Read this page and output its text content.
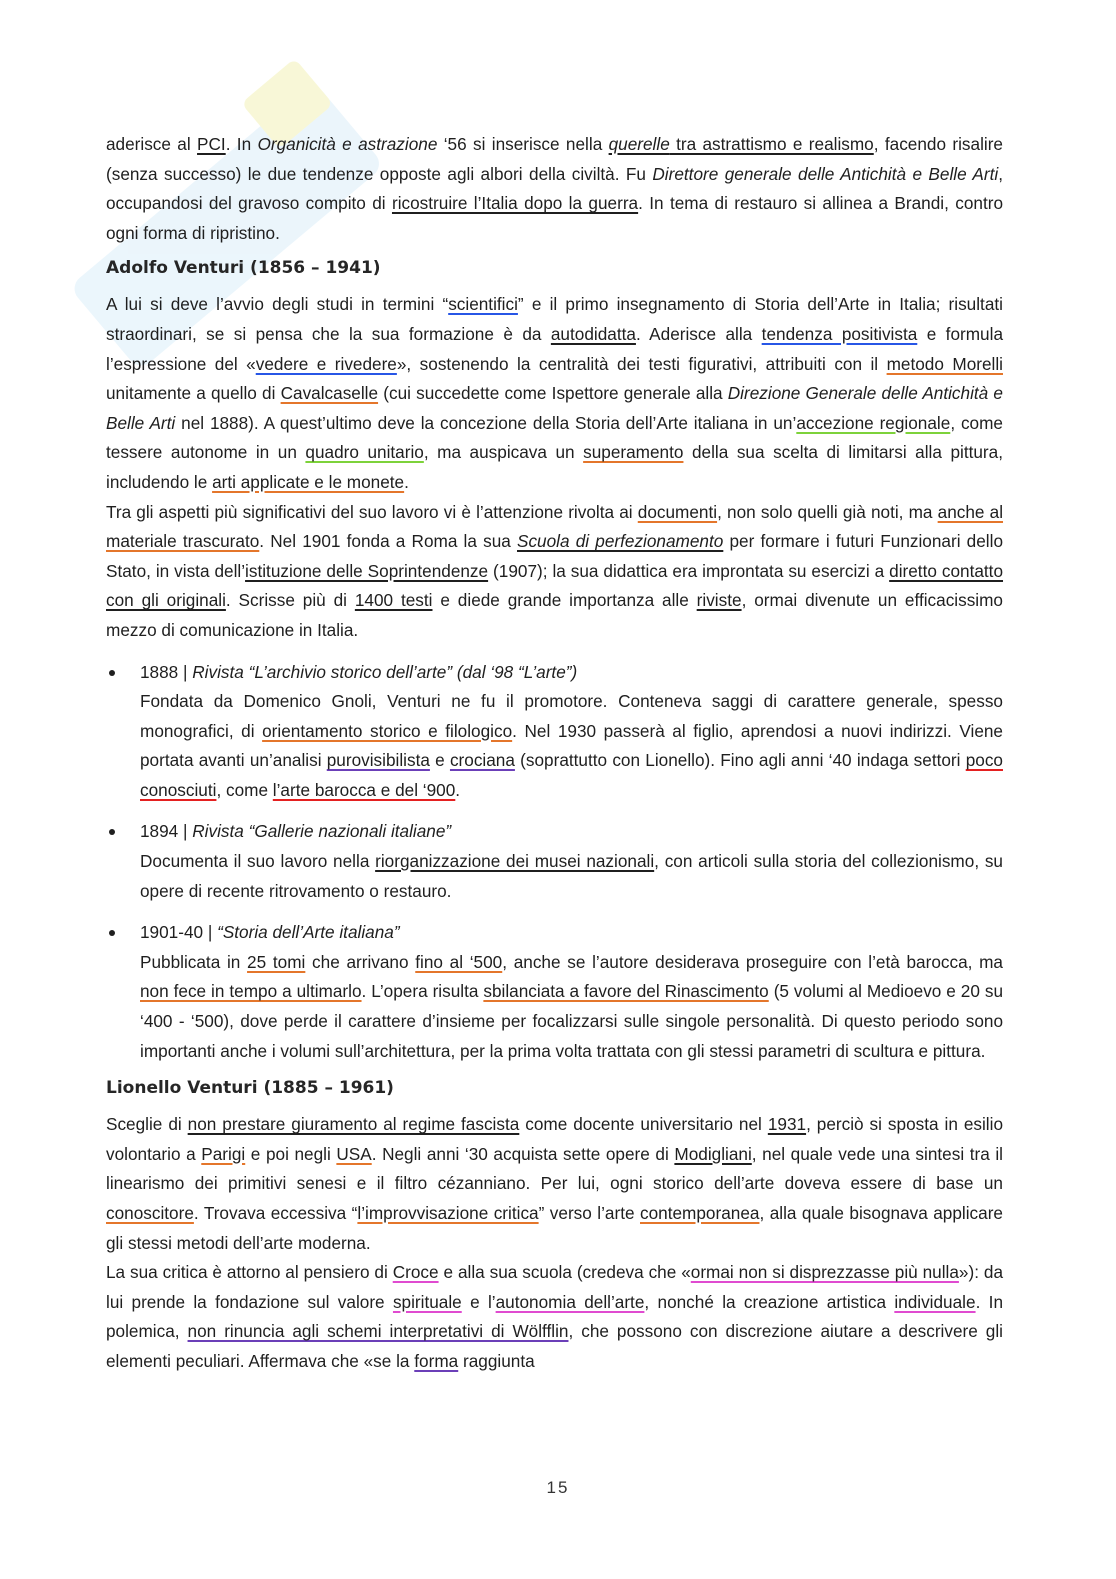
aderisce al PCI. In Organicità e astrazione ‘56 si inserisce nella querelle tra astrattismo e realismo, facendo risalire (senza successo) le due tendenze opposte agli albori della civiltà. Fu Direttore generale delle Antichità e Belle Arti, occupandosi del gravoso compito di ricostruire l’Italia dopo la guerra. In tema di restauro si allinea a Brandi, contro ogni forma di ripristino.

Adolfo Venturi (1856 – 1941)

A lui si deve l’avvio degli studi in termini “scientifici” e il primo insegnamento di Storia dell’Arte in Italia; risultati straordinari, se si pensa che la sua formazione è da autodidatta. Aderisce alla tendenza positivista e formula l’espressione del «vedere e rivedere», sostenendo la centralità dei testi figurativi, attribuiti con il metodo Morelli unitamente a quello di Cavalcaselle (cui succedette come Ispettore generale alla Direzione Generale delle Antichità e Belle Arti nel 1888). A quest’ultimo deve la concezione della Storia dell’Arte italiana in un’accezione regionale, come tessere autonome in un quadro unitario, ma auspicava un superamento della sua scelta di limitarsi alla pittura, includendo le arti applicate e le monete.

Tra gli aspetti più significativi del suo lavoro vi è l’attenzione rivolta ai documenti, non solo quelli già noti, ma anche al materiale trascurato. Nel 1901 fonda a Roma la sua Scuola di perfezionamento per formare i futuri Funzionari dello Stato, in vista dell’istituzione delle Soprintendenze (1907); la sua didattica era improntata su esercizi a diretto contatto con gli originali. Scrisse più di 1400 testi e diede grande importanza alle riviste, ormai divenute un efficacissimo mezzo di comunicazione in Italia.

1888 | Rivista “L’archivio storico dell’arte” (dal ‘98 “L’arte”)
Fondata da Domenico Gnoli, Venturi ne fu il promotore. Conteneva saggi di carattere generale, spesso monografici, di orientamento storico e filologico. Nel 1930 passerà al figlio, aprendosi a nuovi indirizzi. Viene portata avanti un’analisi purovisibilista e crociana (soprattutto con Lionello). Fino agli anni ‘40 indaga settori poco conosciuti, come l’arte barocca e del ‘900.
1894 | Rivista “Gallerie nazionali italiane”
Documenta il suo lavoro nella riorganizzazione dei musei nazionali, con articoli sulla storia del collezionismo, su opere di recente ritrovamento o restauro.
1901-40 | “Storia dell’Arte italiana”
Pubblicata in 25 tomi che arrivano fino al ‘500, anche se l’autore desiderava proseguire con l’età barocca, ma non fece in tempo a ultimarlo. L’opera risulta sbilanciata a favore del Rinascimento (5 volumi al Medioevo e 20 su ‘400 - ‘500), dove perde il carattere d’insieme per focalizzarsi sulle singole personalità. Di questo periodo sono importanti anche i volumi sull’architettura, per la prima volta trattata con gli stessi parametri di scultura e pittura.
Lionello Venturi (1885 – 1961)

Sceglie di non prestare giuramento al regime fascista come docente universitario nel 1931, perciò si sposta in esilio volontario a Parigi e poi negli USA. Negli anni ‘30 acquista sette opere di Modigliani, nel quale vede una sintesi tra il linearismo dei primitivi senesi e il filtro cézanniano. Per lui, ogni storico dell’arte doveva essere di base un conoscitore. Trovava eccessiva “l’improvvisazione critica” verso l’arte contemporanea, alla quale bisognava applicare gli stessi metodi dell’arte moderna.

La sua critica è attorno al pensiero di Croce e alla sua scuola (credeva che «ormai non si disprezzasse più nulla»): da lui prende la fondazione sul valore spirituale e l’autonomia dell’arte, nonché la creazione artistica individuale. In polemica, non rinuncia agli schemi interpretativi di Wölfflin, che possono con discrezione aiutare a descrivere gli elementi peculiari. Affermava che «se la forma raggiunta

15
